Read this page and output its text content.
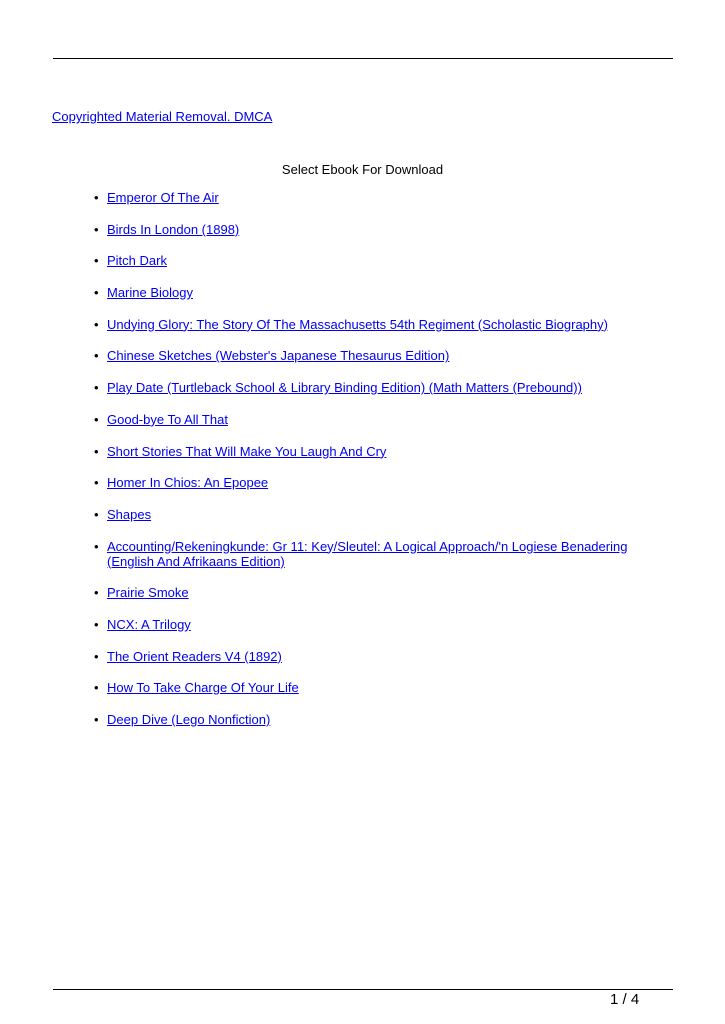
Copyrighted Material Removal. DMCA
Select Ebook For Download
• Emperor Of The Air
• Birds In London (1898)
• Pitch Dark
• Marine Biology
• Undying Glory: The Story Of The Massachusetts 54th Regiment (Scholastic Biography)
• Chinese Sketches (Webster's Japanese Thesaurus Edition)
• Play Date (Turtleback School & Library Binding Edition) (Math Matters (Prebound))
• Good-bye To All That
• Short Stories That Will Make You Laugh And Cry
• Homer In Chios: An Epopee
• Shapes
• Accounting/Rekeningkunde: Gr 11: Key/Sleutel: A Logical Approach/'n Logiese Benadering (English And Afrikaans Edition)
• Prairie Smoke
• NCX: A Trilogy
• The Orient Readers V4 (1892)
• How To Take Charge Of Your Life
• Deep Dive (Lego Nonfiction)
1 / 4
